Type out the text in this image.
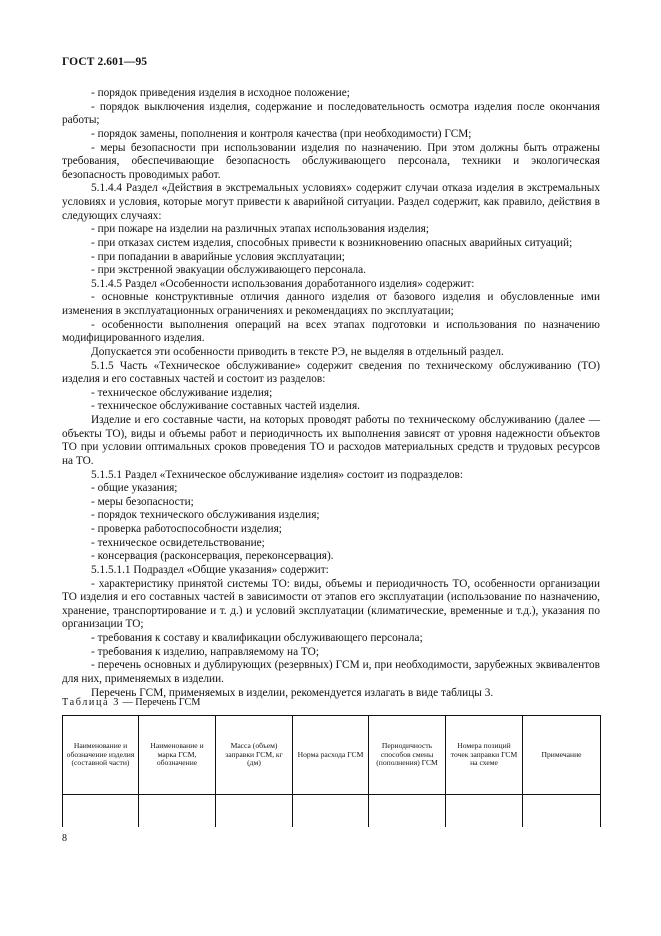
ГОСТ 2.601—95

- порядок приведения изделия в исходное положение;

- порядок выключения изделия, содержание и последовательность осмотра изделия после окончания работы;

- порядок замены, пополнения и контроля качества (при необходимости) ГСМ;

- меры безопасности при использовании изделия по назначению. При этом должны быть отражены требования, обеспечивающие безопасность обслуживающего персонала, техники и экологическая безопасность проводимых работ.

5.1.4.4 Раздел «Действия в экстремальных условиях» содержит случаи отказа изделия в экстремальных условиях и условия, которые могут привести к аварийной ситуации. Раздел содержит, как правило, действия в следующих случаях:

- при пожаре на изделии на различных этапах использования изделия;

- при отказах систем изделия, способных привести к возникновению опасных аварийных ситуаций;

- при попадании в аварийные условия эксплуатации;

- при экстренной эвакуации обслуживающего персонала.

5.1.4.5 Раздел «Особенности использования доработанного изделия» содержит:

- основные конструктивные отличия данного изделия от базового изделия и обусловленные ими изменения в эксплуатационных ограничениях и рекомендациях по эксплуатации;

- особенности выполнения операций на всех этапах подготовки и использования по назначению модифицированного изделия.

Допускается эти особенности приводить в тексте РЭ, не выделяя в отдельный раздел.

5.1.5 Часть «Техническое обслуживание» содержит сведения по техническому обслуживанию (ТО) изделия и его составных частей и состоит из разделов:

- техническое обслуживание изделия;

- техническое обслуживание составных частей изделия.

Изделие и его составные части, на которых проводят работы по техническому обслуживанию (далее — объекты ТО), виды и объемы работ и периодичность их выполнения зависят от уровня надежности объектов ТО при условии оптимальных сроков проведения ТО и расходов материальных средств и трудовых ресурсов на ТО.

5.1.5.1 Раздел «Техническое обслуживание изделия» состоит из подразделов:

- общие указания;

- меры безопасности;

- порядок технического обслуживания изделия;

- проверка работоспособности изделия;

- техническое освидетельствование;

- консервация (расконсервация, переконсервация).

5.1.5.1.1 Подраздел «Общие указания» содержит:

- характеристику принятой системы ТО: виды, объемы и периодичность ТО, особенности организации ТО изделия и его составных частей в зависимости от этапов его эксплуатации (использование по назначению, хранение, транспортирование и т. д.) и условий эксплуатации (климатические, временные и т.д.), указания по организации ТО;

- требования к составу и квалификации обслуживающего персонала;

- требования к изделию, направляемому на ТО;

- перечень основных и дублирующих (резервных) ГСМ и, при необходимости, зарубежных эквивалентов для них, применяемых в изделии.

Перечень ГСМ, применяемых в изделии, рекомендуется излагать в виде таблицы 3.

Таблица 3 — Перечень ГСМ
Наименование и обозначение изделия (составной части)	Наименование и марка ГСМ, обозначение	Масса (объем) заправки ГСМ, кг (дм)	Норма расхода ГСМ	Периодичность способов смены (пополнения) ГСМ	Номера позиций точек заправки ГСМ на схеме	Примечание

8
